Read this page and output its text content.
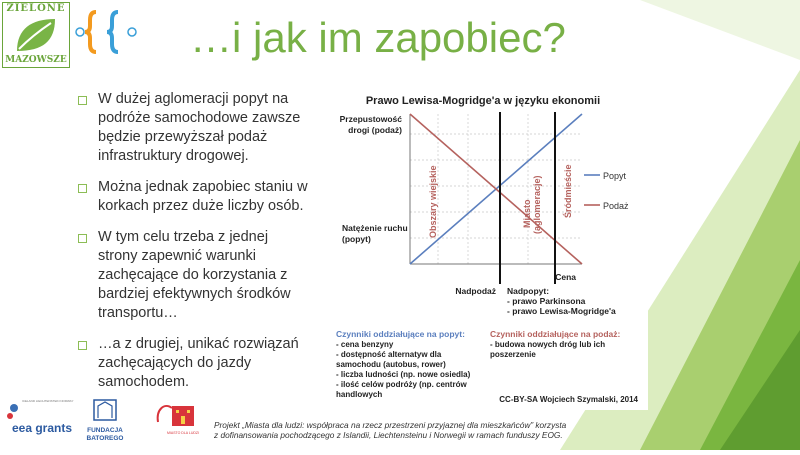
ZIELONE
MAZOWSZE	…i jak im zapobiec?
W dużej aglomeracji popyt na podróże samochodowe zawsze będzie przewyższał podaż infrastruktury drogowej.
Można jednak zapobiec staniu w korkach przez duże liczby osób.
W tym celu trzeba z jednej strony zapewnić warunki zachęcające do korzystania z bardziej efektywnych środków transportu…
…a z drugiej, unikać rozwiązań zachęcających do jazdy samochodem.
Prawo Lewisa-Mogridge'a w języku ekonomii
Przepustowość
drogi (podaż)
Natężenie ruchu
(popyt)
Obszary wiejskie	Miasto (aglomeracje) Śródmieście	Popyt
Podaż
Cena
Nadpodaż Nadpopyt:
- prawo Parkinsona
- prawo Lewisa-Mogridge'a
Czynniki oddziałujące na popyt:
- cena benzyny
- dostępność alternatyw dla
samochodu (autobus, rower)
- liczba ludności (np. nowe osiedla)
- ilość celów podróży (np. centrów
handlowych
Czynniki oddziałujące na podaż:
- budowa nowych dróg lub ich
poszerzenie
CC-BY-SA Wojciech Szymalski, 2014
ICELAND LIECHTENSTEIN NORWAY
eea grants FUNDACJA
BATOREGO
MIASTO DLA LUDZI
Projekt „Miasta dla ludzi: współpraca na rzecz przestrzeni przyjaznej dla mieszkańców” korzysta
z dofinansowania pochodzącego z Islandii, Liechtensteinu i Norwegii w ramach funduszy EOG.
